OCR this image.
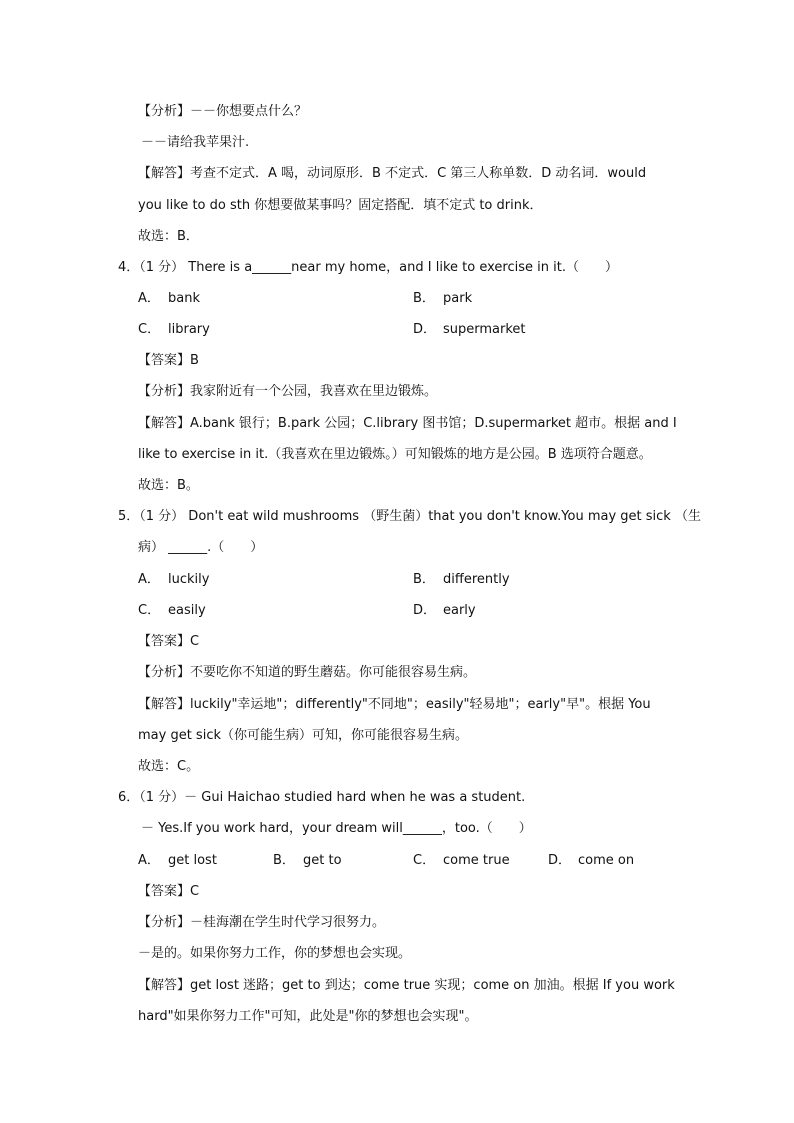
【分析】－－你想要点什么？
－－请给我苹果汁.
【解答】考查不定式．A 喝，动词原形．B 不定式．C 第三人称单数．D 动名词．would
you like to do sth 你想要做某事吗？固定搭配．填不定式 to drink．
故选：B．
4．（1 分） There is a______near my home，and I like to exercise in it.（　　）
A． bank	B． park
C． library	D． supermarket
【答案】B
【分析】我家附近有一个公园，我喜欢在里边锻炼。
【解答】A.bank 银行；B.park 公园；C.library 图书馆；D.supermarket 超市。根据 and I
like to exercise in it.（我喜欢在里边锻炼。）可知锻炼的地方是公园。B 选项符合题意。
故选：B。
5．（1 分） Don't eat wild mushrooms （野生菌）that you don't know.You may get sick （生
病） ______.（　　）
A． luckily	B． differently
C． easily	D． early
【答案】C
【分析】不要吃你不知道的野生蘑菇。你可能很容易生病。
【解答】luckily"幸运地"；differently"不同地"；easily"轻易地"；early"早"。根据 You
may get sick（你可能生病）可知，你可能很容易生病。
故选：C。
6．（1 分）－ Gui Haichao studied hard when he was a student.
－ Yes.If you work hard，your dream will______，too.（　　）
A． get lost	B． get to	C． come true	D． come on
【答案】C
【分析】－桂海潮在学生时代学习很努力。
－是的。如果你努力工作，你的梦想也会实现。
【解答】get lost 迷路；get to 到达；come true 实现；come on 加油。根据 If you work
hard"如果你努力工作"可知，此处是"你的梦想也会实现"。
